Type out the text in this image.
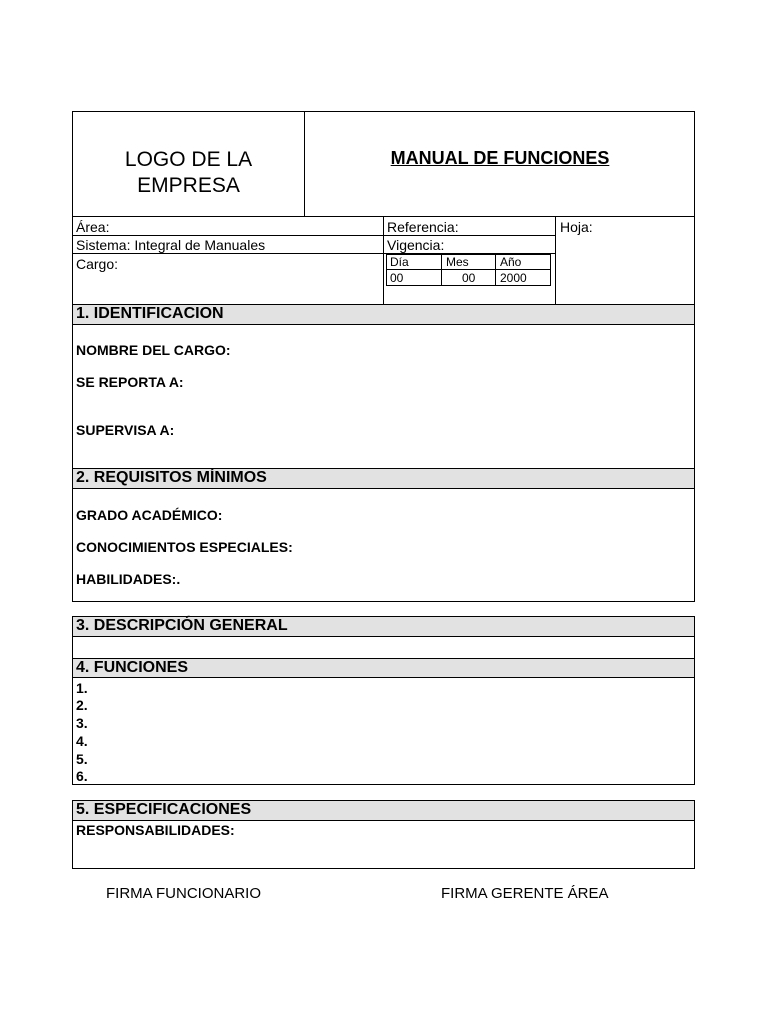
LOGO DE LA
EMPRESA
MANUAL DE FUNCIONES
Área:
Sistema: Integral de Manuales
Cargo:
Referencia:
Vigencia:
Hoja:
Día	Mes	Año
00	00 2000
1. IDENTIFICACION
NOMBRE DEL CARGO:
SE REPORTA A:
SUPERVISA A:
2. REQUISITOS MÍNIMOS
GRADO ACADÉMICO:
CONOCIMIENTOS ESPECIALES:
HABILIDADES:.
3. DESCRIPCIÓN GENERAL
4. FUNCIONES
1.
2.
3.
4.
5.
6.
5. ESPECIFICACIONES
RESPONSABILIDADES:
FIRMA FUNCIONARIO	FIRMA GERENTE ÁREA
